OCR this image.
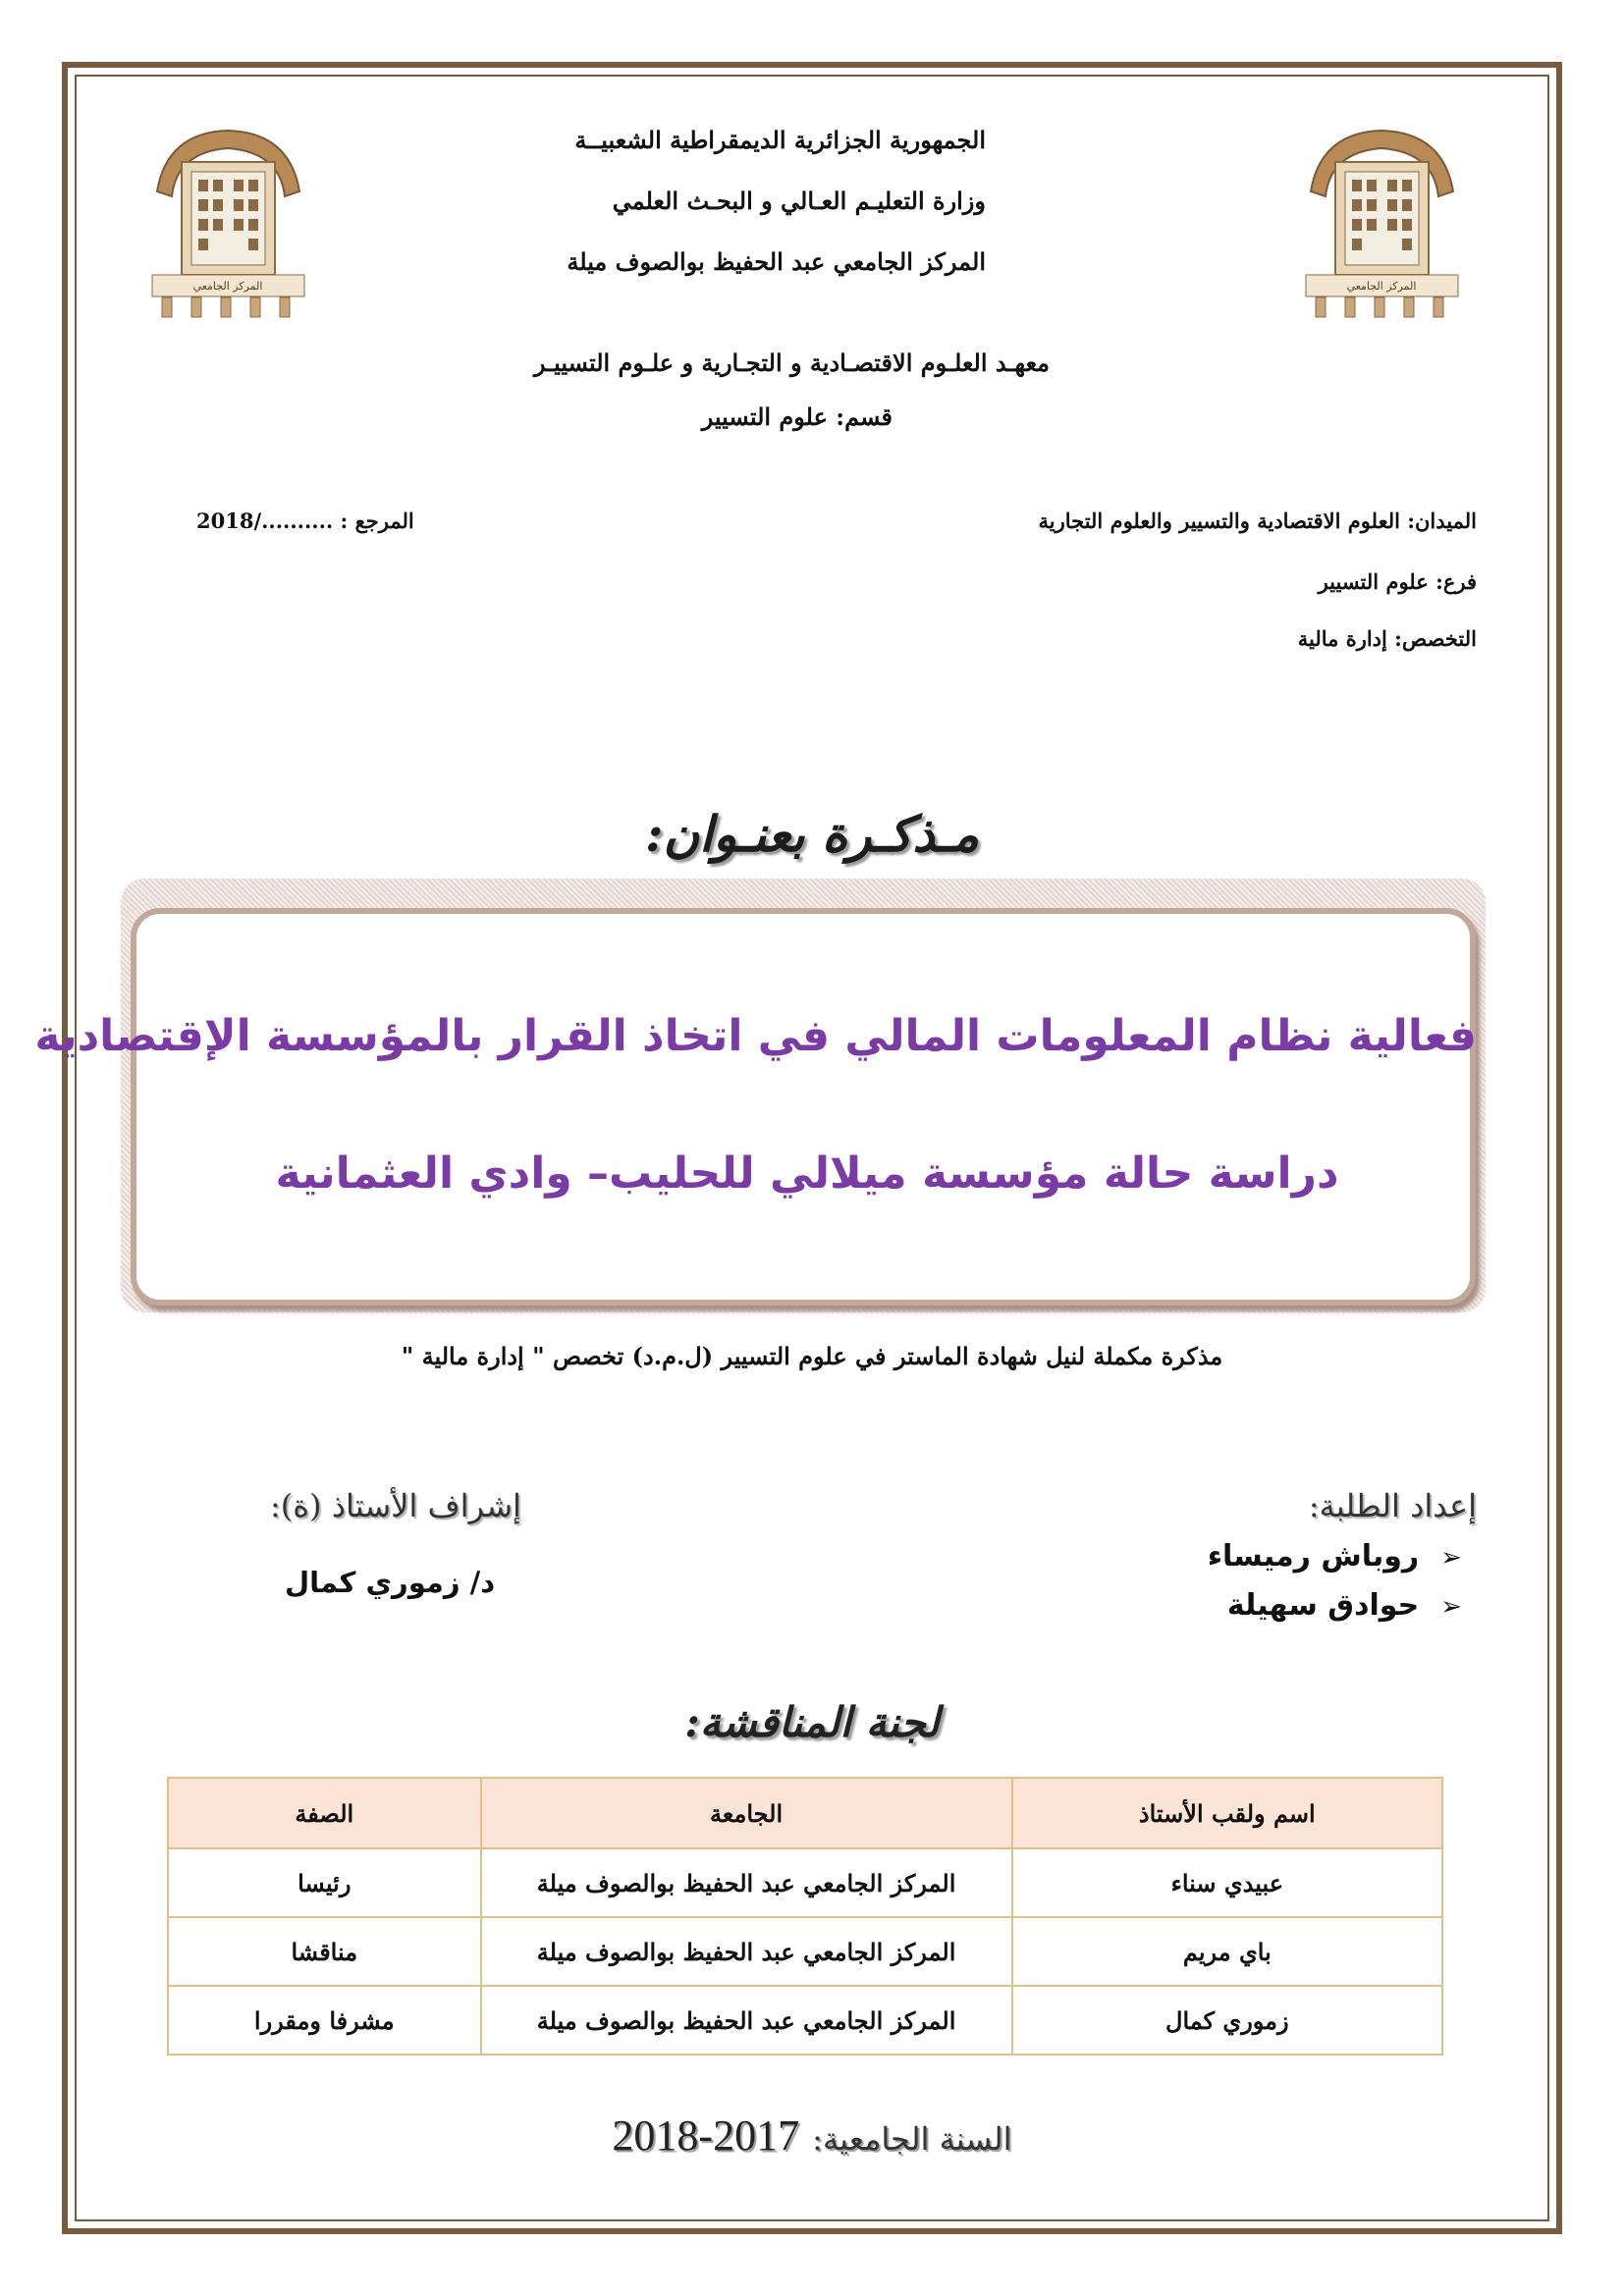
المركز الجامعي	المركز الجامعي
الجمهورية الجزائرية الديمقراطية الشعبيــة
وزارة التعليـم العـالي و البحـث العلمي
المركز الجامعي عبد الحفيظ بوالصوف ميلة
معهـد العلـوم الاقتصـادية و التجـارية و علـوم التسييـر
قسم: علوم التسيير
الميدان: العلوم الاقتصادية والتسيير والعلوم التجارية
المرجع : ........../2018
فرع: علوم التسيير
التخصص: إدارة مالية
مـذكـرة بعنـوان:
فعالية نظام المعلومات المالي في اتخاذ القرار بالمؤسسة الإقتصادية
دراسة حالة مؤسسة ميلالي للحليب– وادي العثمانية
مذكرة مكملة لنيل شهادة الماستر في علوم التسيير (ل.م.د) تخصص " إدارة مالية "
إعداد الطلبة:
➢روباش رميساء
➢حوادق سهيلة
إشراف الأستاذ (ة):
د/ زموري كمال
لجنة المناقشة:
اسم ولقب الأستاذ	الجامعة	الصفة
عبيدي سناء	المركز الجامعي عبد الحفيظ بوالصوف ميلة	رئيسا
باي مريم	المركز الجامعي عبد الحفيظ بوالصوف ميلة	مناقشا
زموري كمال	المركز الجامعي عبد الحفيظ بوالصوف ميلة	مشرفا ومقررا
السنة الجامعية: 2018-2017
